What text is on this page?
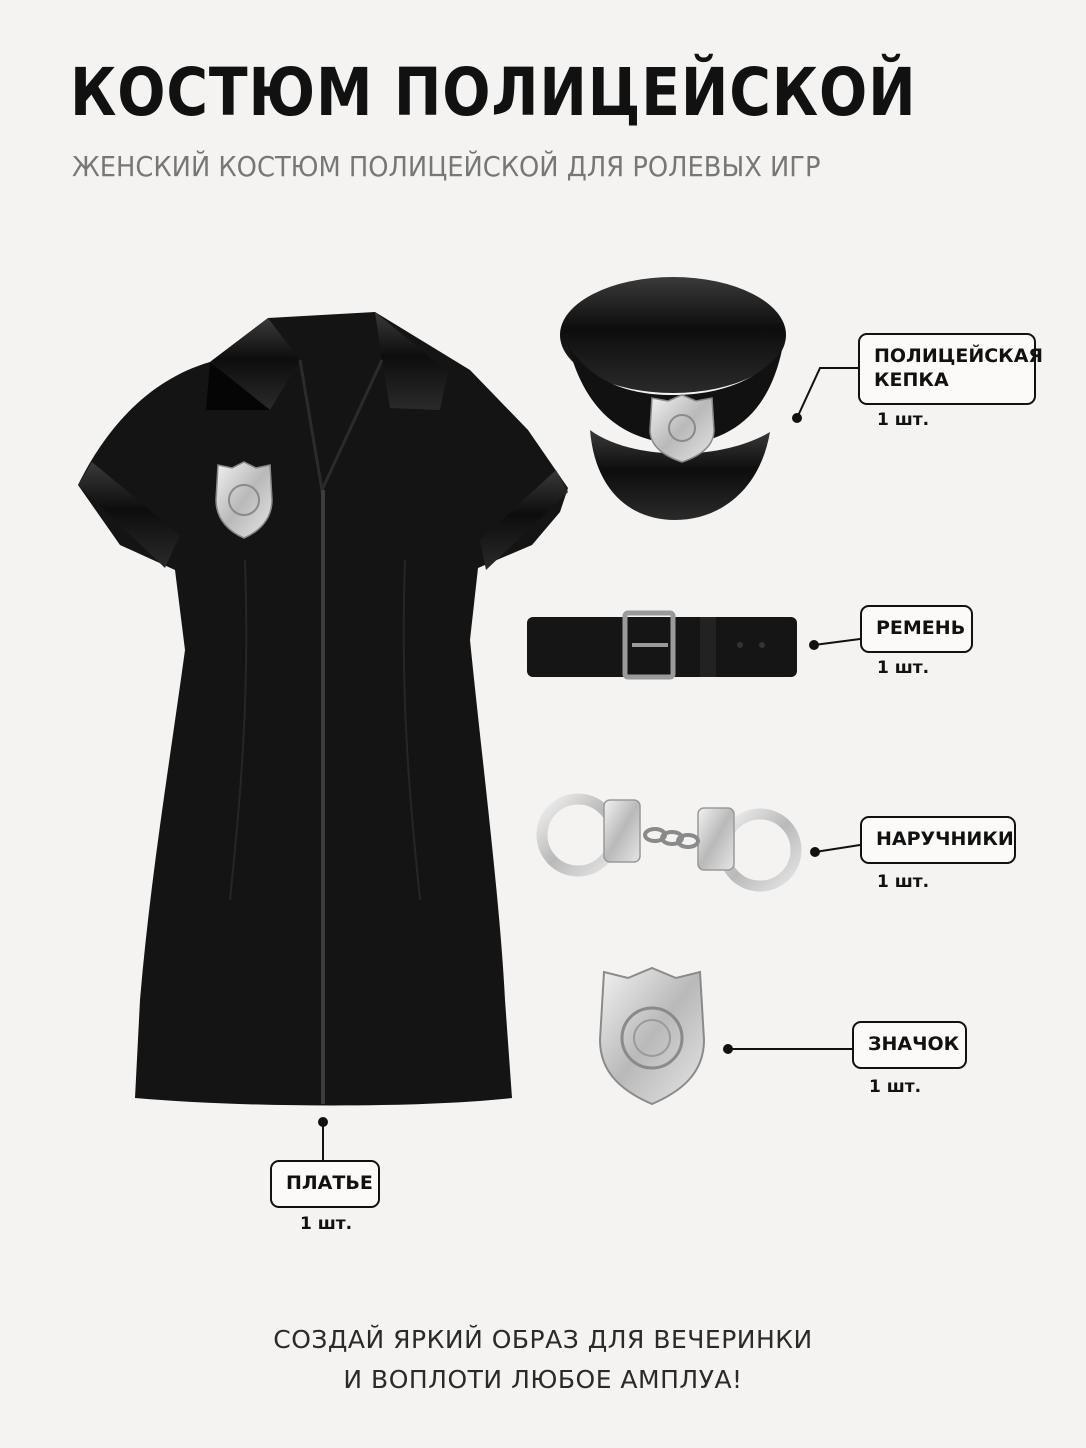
КОСТЮМ ПОЛИЦЕЙСКОЙ
ЖЕНСКИЙ КОСТЮМ ПОЛИЦЕЙСКОЙ ДЛЯ РОЛЕВЫХ ИГР
ПОЛИЦЕЙСКАЯ
КЕПКА
1 шт.
РЕМЕНЬ
1 шт.
НАРУЧНИКИ
1 шт.
ЗНАЧОК
1 шт.
ПЛАТЬЕ
1 шт.
СОЗДАЙ ЯРКИЙ ОБРАЗ ДЛЯ ВЕЧЕРИНКИ
И ВОПЛОТИ ЛЮБОЕ АМПЛУА!
